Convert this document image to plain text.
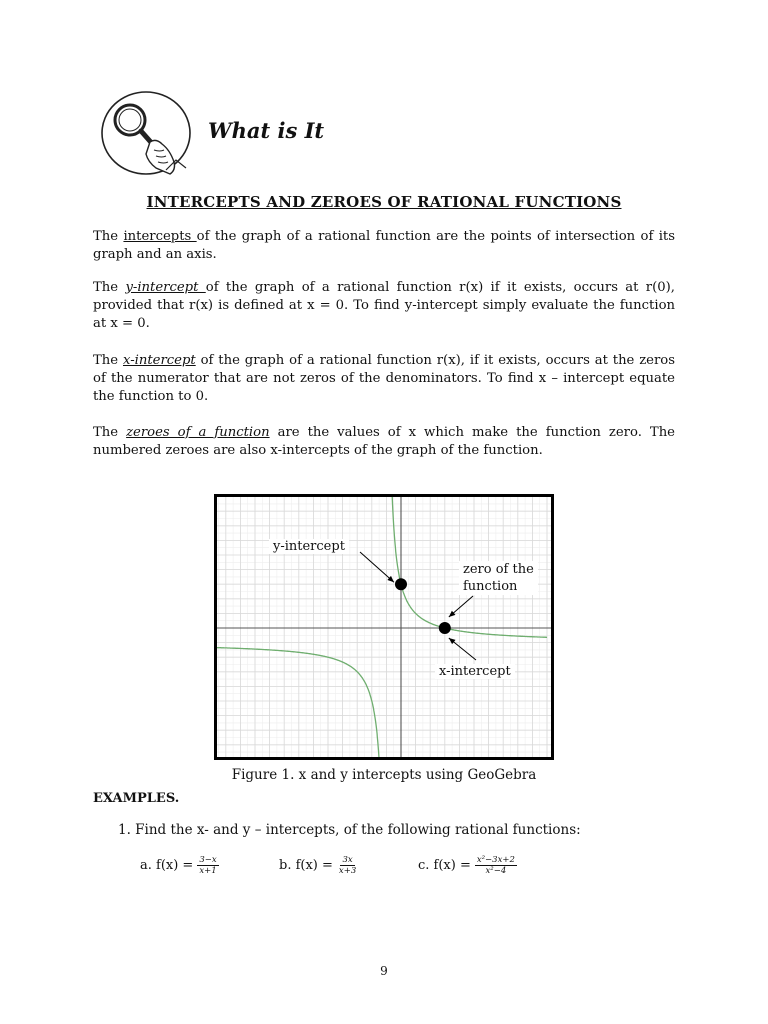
What is It
INTERCEPTS AND ZEROES OF RATIONAL FUNCTIONS
The intercepts of the graph of a rational function are the points of intersection of its graph and an axis.
The y-intercept of the graph of a rational function r(x) if it exists, occurs at r(0), provided that r(x) is defined at x = 0. To find y-intercept simply evaluate the function at x = 0.
The x-intercept of the graph of a rational function r(x), if it exists, occurs at the zeros of the numerator that are not zeros of the denominators. To find x – intercept equate the function to 0.
The zeroes of a function are the values of x which make the function zero. The numbered zeroes are also x-intercepts of the graph of the function.
y-intercept
zero of the
function
x-intercept
Figure 1. x and y intercepts using GeoGebra
EXAMPLES.
1. Find the x- and y – intercepts, of the following rational functions:
a. $f(x) = \frac{3-x}{x+1}$	b. $f(x) = \frac{3x}{x+3}$	c. $f(x) = \frac{\text{x²−3x+2}}{\text{x²−4}}$
9
